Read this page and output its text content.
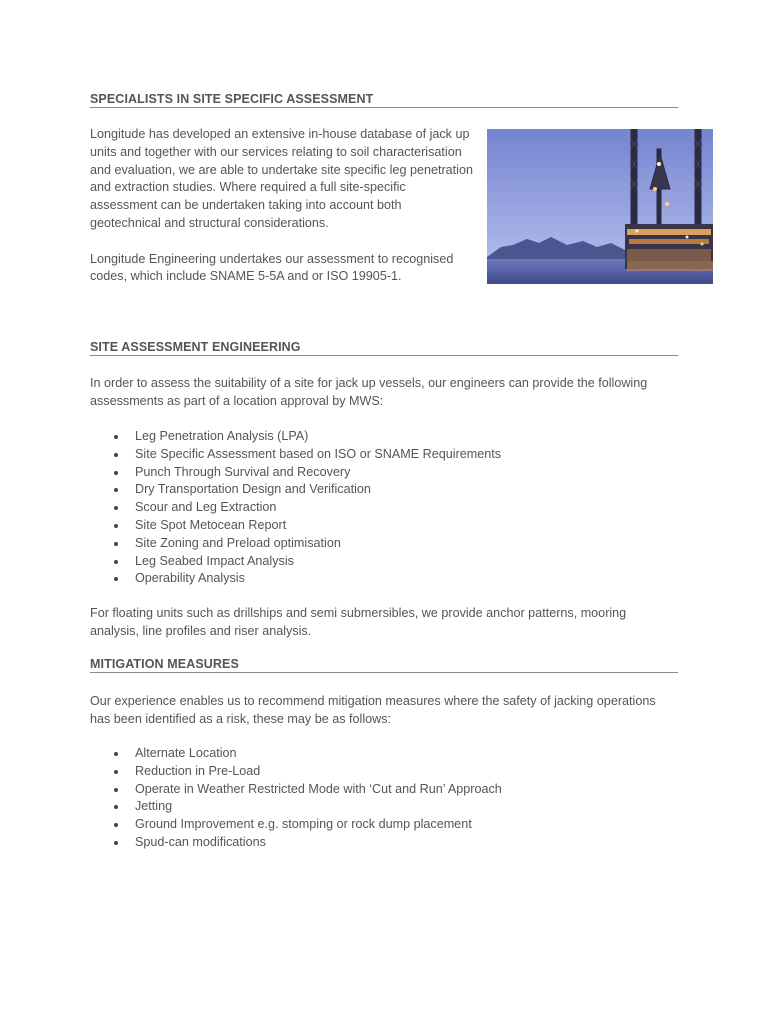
SPECIALISTS IN SITE SPECIFIC ASSESSMENT

Longitude has developed an extensive in-house database of jack up units and together with our services relating to soil characterisation and evaluation, we are able to undertake site specific leg penetration and extraction studies. Where required a full site-specific assessment can be undertaken taking into account both geotechnical and structural considerations.

Longitude Engineering undertakes our assessment to recognised codes, which include SNAME 5-5A and or ISO 19905-1.

SITE ASSESSMENT ENGINEERING

In order to assess the suitability of a site for jack up vessels, our engineers can provide the following assessments as part of a location approval by MWS:

Leg Penetration Analysis (LPA)
Site Specific Assessment based on ISO or SNAME Requirements
Punch Through Survival and Recovery
Dry Transportation Design and Verification
Scour and Leg Extraction
Site Spot Metocean Report
Site Zoning and Preload optimisation
Leg Seabed Impact Analysis
Operability Analysis

For floating units such as drillships and semi submersibles, we provide anchor patterns, mooring analysis, line profiles and riser analysis.

MITIGATION MEASURES

Our experience enables us to recommend mitigation measures where the safety of jacking operations has been identified as a risk, these may be as follows:

Alternate Location
Reduction in Pre-Load
Operate in Weather Restricted Mode with ‘Cut and Run’ Approach
Jetting
Ground Improvement e.g. stomping or rock dump placement
Spud-can modifications
